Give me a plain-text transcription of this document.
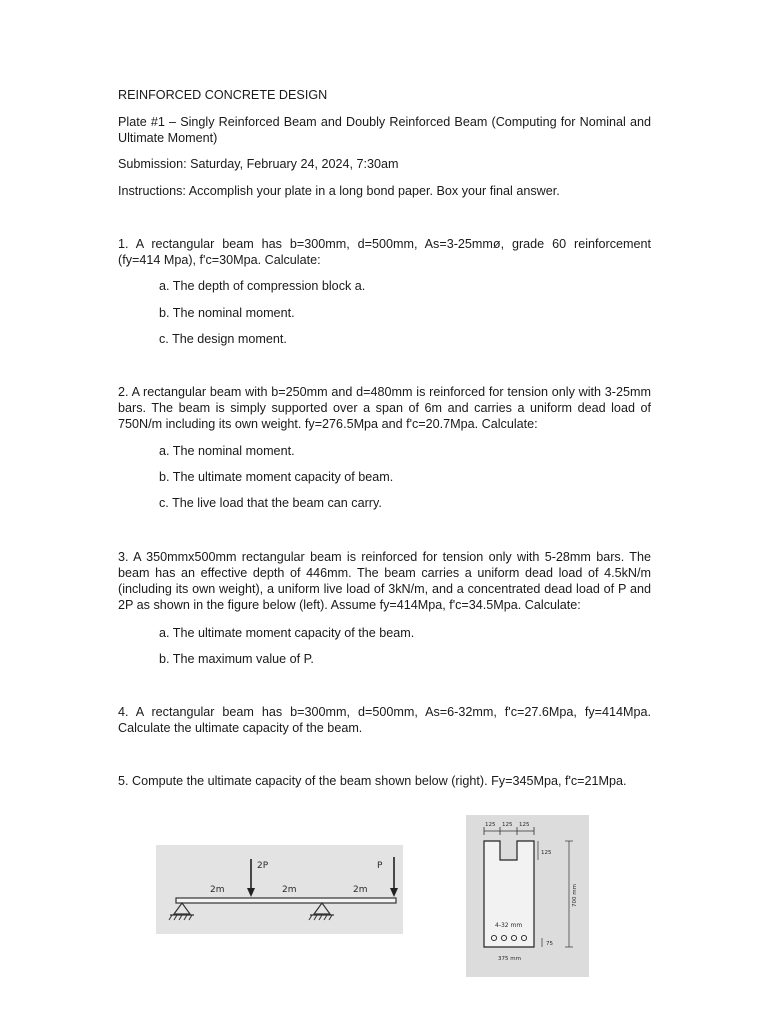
REINFORCED CONCRETE DESIGN

Plate #1 – Singly Reinforced Beam and Doubly Reinforced Beam (Computing for Nominal and Ultimate Moment)

Submission: Saturday, February 24, 2024, 7:30am

Instructions: Accomplish your plate in a long bond paper. Box your final answer.

1. A rectangular beam has b=300mm, d=500mm, As=3-25mmø, grade 60 reinforcement (fy=414 Mpa), f'c=30Mpa. Calculate:

a. The depth of compression block a.

b. The nominal moment.

c. The design moment.

2. A rectangular beam with b=250mm and d=480mm is reinforced for tension only with 3-25mm bars. The beam is simply supported over a span of 6m and carries a uniform dead load of 750N/m including its own weight. fy=276.5Mpa and f'c=20.7Mpa. Calculate:

a. The nominal moment.

b. The ultimate moment capacity of beam.

c. The live load that the beam can carry.

3. A 350mmx500mm rectangular beam is reinforced for tension only with 5-28mm bars. The beam has an effective depth of 446mm. The beam carries a uniform dead load of 4.5kN/m (including its own weight), a uniform live load of 3kN/m, and a concentrated dead load of P and 2P as shown in the figure below (left). Assume fy=414Mpa, f'c=34.5Mpa. Calculate:

a. The ultimate moment capacity of the beam.

b. The maximum value of P.

4. A rectangular beam has b=300mm, d=500mm, As=6-32mm, f'c=27.6Mpa, fy=414Mpa. Calculate the ultimate capacity of the beam.

5. Compute the ultimate capacity of the beam shown below (right). Fy=345Mpa, f'c=21Mpa.

2P	P
2m	2m	2m
125 125 125
125
700 mm
4-32 mm
75
375 mm
